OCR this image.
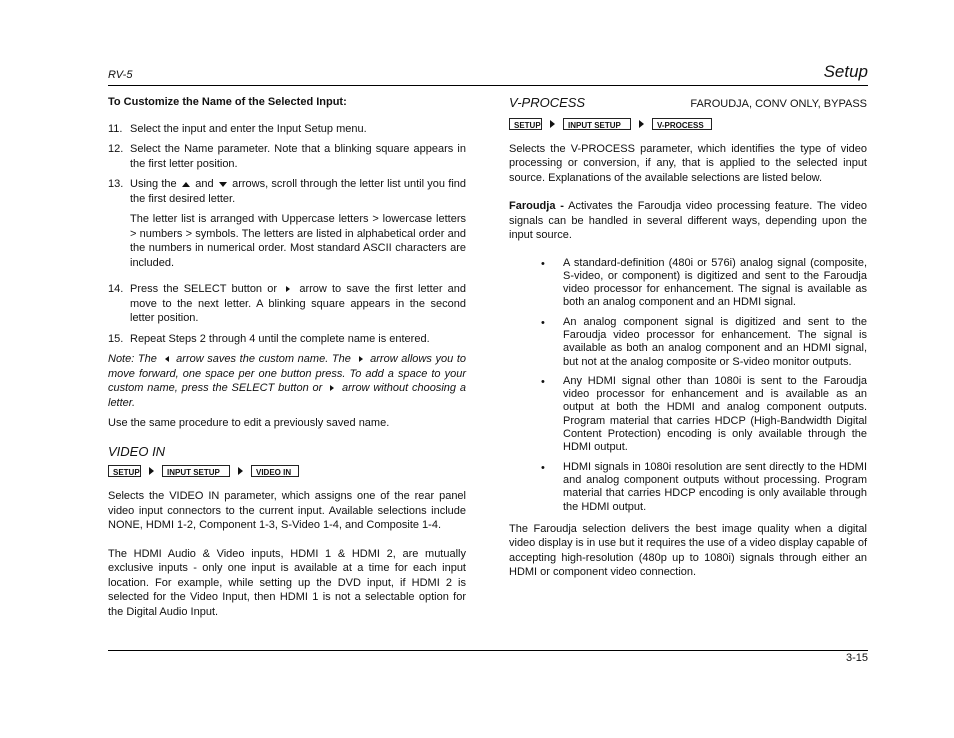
RV-5	Setup

To Customize the Name of the Selected Input:

11. Select the input and enter the Input Setup menu.
12. Select the Name parameter. Note that a blinking square appears in the first letter position.
13. Using the and arrows, scroll through the letter list until you find the first desired letter.

The letter list is arranged with Uppercase letters > lowercase letters > numbers > symbols. The letters are listed in alphabetical order and the numbers in numerical order. Most standard ASCII characters are included.

14. Press the SELECT button or arrow to save the first letter and move to the next letter. A blinking square appears in the second letter position.
15. Repeat Steps 2 through 4 until the complete name is entered.

Note: The arrow saves the custom name. The arrow allows you to move forward, one space per one button press. To add a space to your custom name, press the SELECT button or arrow without choosing a letter.

Use the same procedure to edit a previously saved name.

VIDEO IN

SETUP	INPUT SETUP	VIDEO IN

Selects the VIDEO IN parameter, which assigns one of the rear panel video input connectors to the current input. Available selections include NONE, HDMI 1-2, Component 1-3, S-Video 1-4, and Composite 1-4.

The HDMI Audio & Video inputs, HDMI 1 & HDMI 2, are mutually exclusive inputs - only one input is available at a time for each input location. For example, while setting up the DVD input, if HDMI 2 is selected for the Video Input, then HDMI 1 is not a selectable option for the Digital Audio Input.

V-PROCESS	FAROUDJA, CONV ONLY, BYPASS
SETUP	INPUT SETUP	V-PROCESS

Selects the V-PROCESS parameter, which identifies the type of video processing or conversion, if any, that is applied to the selected input source. Explanations of the available selections are listed below.

Faroudja - Activates the Faroudja video processing feature. The video signals can be handled in several different ways, depending upon the input source.

•	A standard-definition (480i or 576i) analog signal (composite, S-video, or component) is digitized and sent to the Faroudja video processor for enhancement. The signal is available as both an analog component and an HDMI signal.
•	An analog component signal is digitized and sent to the Faroudja video processor for enhancement. The signal is available as both an analog component and an HDMI signal, but not at the analog composite or S-video monitor outputs.
•	Any HDMI signal other than 1080i is sent to the Faroudja video processor for enhancement and is available as an output at both the HDMI and analog component outputs. Program material that carries HDCP (High-Bandwidth Digital Content Protection) encoding is only available through the HDMI output.
•	HDMI signals in 1080i resolution are sent directly to the HDMI and analog component outputs without processing. Program material that carries HDCP encoding is only available through the HDMI output.

The Faroudja selection delivers the best image quality when a digital video display is in use but it requires the use of a video display capable of accepting high-resolution (480p up to 1080i) signals through either an HDMI or component video connection.

3-15
